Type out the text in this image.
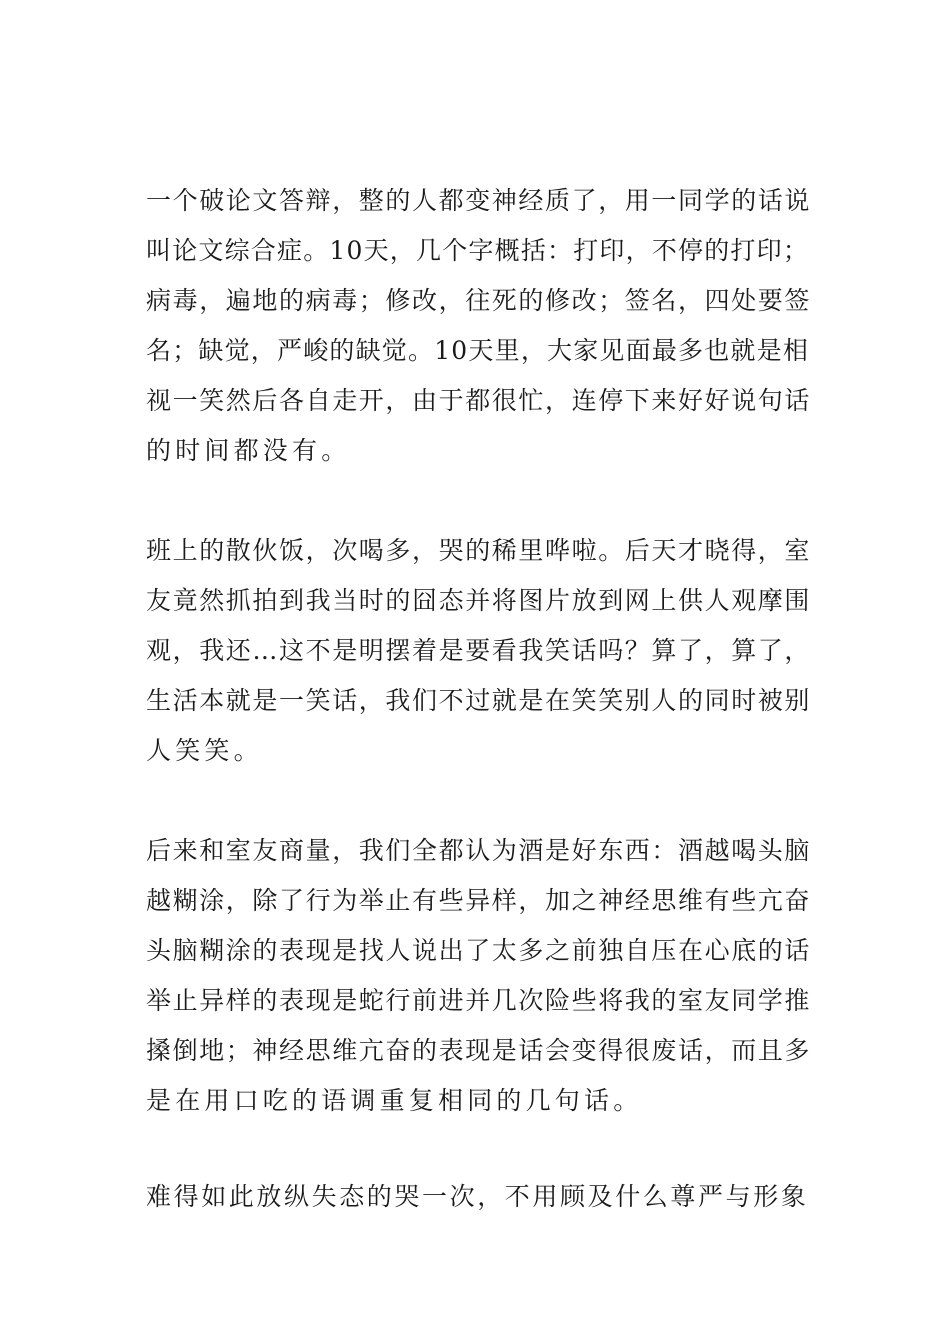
一个破论文答辩，整的人都变神经质了，用一同学的话说
叫论文综合症。10天，几个字概括：打印，不停的打印；
病毒，遍地的病毒；修改，往死的修改；签名，四处要签
名；缺觉，严峻的缺觉。10天里，大家见面最多也就是相
视一笑然后各自走开，由于都很忙，连停下来好好说句话
的时间都没有。

班上的散伙饭，次喝多，哭的稀里哗啦。后天才晓得，室
友竟然抓拍到我当时的囧态并将图片放到网上供人观摩围
观，我还…这不是明摆着是要看我笑话吗？算了，算了，
生活本就是一笑话，我们不过就是在笑笑别人的同时被别
人笑笑。

后来和室友商量，我们全都认为酒是好东西：酒越喝头脑
越糊涂，除了行为举止有些异样，加之神经思维有些亢奋
头脑糊涂的表现是找人说出了太多之前独自压在心底的话
举止异样的表现是蛇行前进并几次险些将我的室友同学推
搡倒地；神经思维亢奋的表现是话会变得很废话，而且多
是在用口吃的语调重复相同的几句话。

难得如此放纵失态的哭一次，不用顾及什么尊严与形象
